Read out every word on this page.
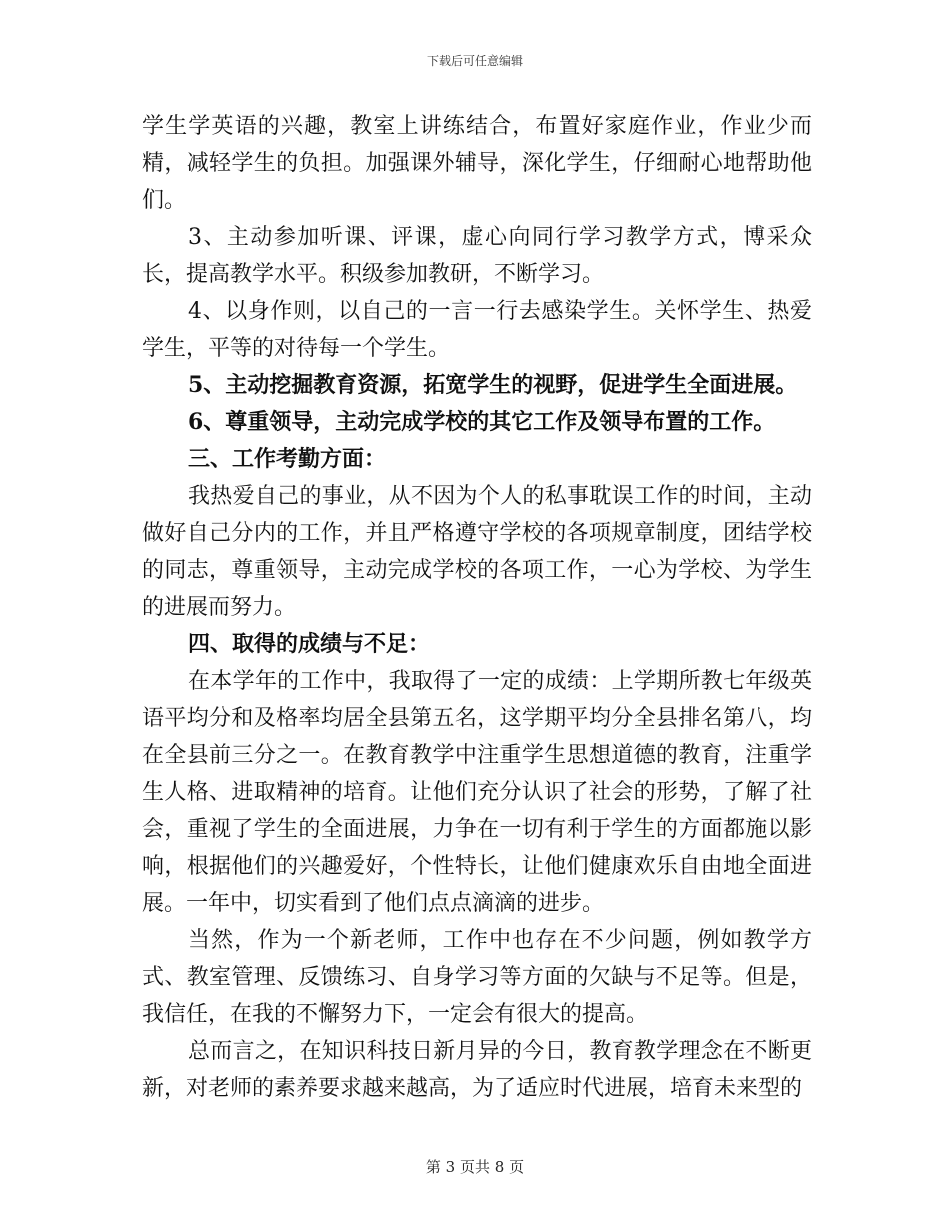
下载后可任意编辑

学生学英语的兴趣，教室上讲练结合，布置好家庭作业，作业少而精，减轻学生的负担。加强课外辅导，深化学生，仔细耐心地帮助他们。

3、主动参加听课、评课，虚心向同行学习教学方式，博采众长，提高教学水平。积级参加教研，不断学习。

4、以身作则，以自己的一言一行去感染学生。关怀学生、热爱学生，平等的对待每一个学生。

5、主动挖掘教育资源，拓宽学生的视野，促进学生全面进展。

6、尊重领导，主动完成学校的其它工作及领导布置的工作。

三、工作考勤方面：

我热爱自己的事业，从不因为个人的私事耽误工作的时间，主动做好自己分内的工作，并且严格遵守学校的各项规章制度，团结学校的同志，尊重领导，主动完成学校的各项工作，一心为学校、为学生的进展而努力。

四、取得的成绩与不足：

在本学年的工作中，我取得了一定的成绩：上学期所教七年级英语平均分和及格率均居全县第五名，这学期平均分全县排名第八，均在全县前三分之一。在教育教学中注重学生思想道德的教育，注重学生人格、进取精神的培育。让他们充分认识了社会的形势，了解了社会，重视了学生的全面进展，力争在一切有利于学生的方面都施以影响，根据他们的兴趣爱好，个性特长，让他们健康欢乐自由地全面进展。一年中，切实看到了他们点点滴滴的进步。

当然，作为一个新老师，工作中也存在不少问题，例如教学方式、教室管理、反馈练习、自身学习等方面的欠缺与不足等。但是，我信任，在我的不懈努力下，一定会有很大的提高。

总而言之，在知识科技日新月异的今日，教育教学理念在不断更新，对老师的素养要求越来越高，为了适应时代进展，培育未来型的

第 3 页共 8 页
